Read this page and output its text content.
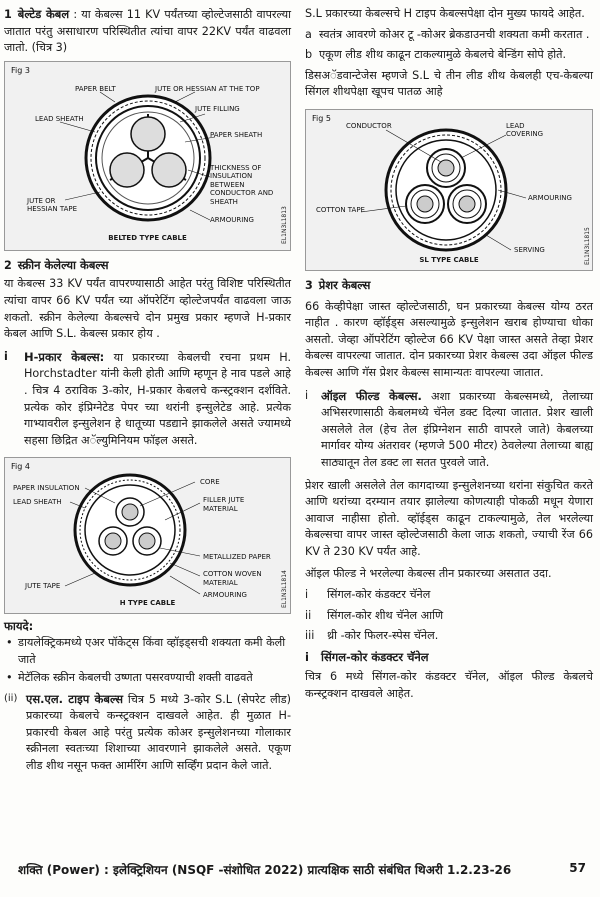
1 बेल्टेड केबल : या केबल्स 11 KV पर्यंतच्या व्होल्टेजसाठी वापरल्या जातात परंतु असाधारण परिस्थितीत त्यांचा वापर 22KV पर्यंत वाढवला जातो. (चित्र 3)

Fig 3
PAPER BELT	JUTE OR HESSIAN AT THE TOP
JUTE FILLING
LEAD SHEATH
PAPER SHEATH
THICKNESS OF INSULATION BETWEEN CONDUCTOR AND SHEATH
JUTE OR HESSIAN TAPE
ARMOURING
BELTED TYPE CABLE	EL1N3L1813

2 स्क्रीन केलेल्या केबल्स

या केबल्स 33 KV पर्यंत वापरण्यासाठी आहेत परंतु विशिष्ट परिस्थितीत त्यांचा वापर 66 KV पर्यंत च्या ऑपरेटिंग व्होल्टेजपर्यंत वाढवला जाऊ शकतो. स्क्रीन केलेल्या केबल्सचे दोन प्रमुख प्रकार म्हणजे H-प्रकार केबल आणि S.L. केबल्स प्रकार होय .

i	H-प्रकार केबल्स: या प्रकारच्या केबलची रचना प्रथम H. Horchstadter यांनी केली होती आणि म्हणून हे नाव पडले आहे . चित्र 4 ठराविक 3-कोर, H-प्रकार केबलचे कन्स्ट्रक्शन दर्शविते. प्रत्येक कोर इंप्रिग्नेटेड पेपर च्या थरांनी इन्सुलेटेड आहे. प्रत्येक गाभ्यावरील इन्सुलेशन हे धातूच्या पडद्याने झाकलेले असते ज्यामध्ये सहसा छिद्रित अॅल्युमिनियम फॉइल असते.

Fig 4
CORE
PAPER INSULATION
LEAD SHEATH	FILLER JUTE MATERIAL
METALLIZED PAPER
COTTON WOVEN MATERIAL
JUTE TAPE
ARMOURING
H TYPE CABLE	EL1N3L1814

फायदे:

• डायलेक्ट्रिकमध्ये एअर पॉकेट्स किंवा व्हॉइड्सची शक्यता कमी केली जाते
• मेटॅलिक स्क्रीन केबलची उष्णता पसरवण्याची शक्ती वाढवते

(ii) एस.एल. टाइप केबल्स चित्र 5 मध्ये 3-कोर S.L (सेपरेट लीड) प्रकारच्या केबलचे कन्स्ट्रक्शन दाखवले आहेत. ही मुळात H-प्रकारची केबल आहे परंतु प्रत्येक कोअर इन्सुलेशनच्या गोलाकार स्क्रीनला स्वतःच्या शिशाच्या आवरणाने झाकलेले असते. एकूण लीड शीथ नसून फक्त आर्मरिंग आणि सर्व्हिंग प्रदान केले जाते.

S.L प्रकारच्या केबल्सचे H टाइप केबल्सपेक्षा दोन मुख्य फायदे आहेत.

a स्वतंत्र आवरणे कोअर टू -कोअर ब्रेकडाउनची शक्यता कमी करतात .

b एकूण लीड शीथ काढून टाकल्यामुळे केबलचे बेन्डिंग सोपे होते.

डिसअॅडवान्टेजेस म्हणजे S.L चे तीन लीड शीथ केबलही एच-केबल्या सिंगल शीथपेक्षा खूपच पातळ आहे

Fig 5
CONDUCTOR	LEAD COVERING
ARMOURING
COTTON TAPE
SERVING
SL TYPE CABLE	EL1N3L1815

3 प्रेशर केबल्स

66 केव्हीपेक्षा जास्त व्होल्टेजसाठी, घन प्रकारच्या केबल्स योग्य ठरत नाहीत . कारण व्हॉईड्स असल्यामुळे इन्सुलेशन खराब होण्याचा धोका असतो. जेव्हा ऑपरेटिंग व्होल्टेज 66 KV पेक्षा जास्त असते तेव्हा प्रेशर केबल्स वापरल्या जातात. दोन प्रकारच्या प्रेशर केबल्स उदा ऑइल फील्ड केबल्स आणि गॅस प्रेशर केबल्स सामान्यतः वापरल्या जातात.

i	ऑइल फील्ड केबल्स. अशा प्रकारच्या केबल्समध्ये, तेलाच्या अभिसरणासाठी केबलमध्ये चॅनेल डक्ट दिल्या जातात. प्रेशर खाली असलेले तेल (हेच तेल इंप्रिग्नेशन साठी वापरले जाते) केबलच्या मार्गावर योग्य अंतरावर (म्हणजे 500 मीटर) ठेवलेल्या तेलाच्या बाह्य साठ्यातून तेल डक्ट ला सतत पुरवले जाते.

प्रेशर खाली असलेले तेल कागदाच्या इन्सुलेशनच्या थरांना संकुचित करते आणि थरांच्या दरम्यान तयार झालेल्या कोणत्याही पोकळी मधून येणारा आवाज नाहीसा होतो. व्हॉईड्स काढून टाकल्यामुळे, तेल भरलेल्या केबल्सचा वापर जास्त व्होल्टेजसाठी केला जाऊ शकतो, ज्याची रेंज 66 KV ते 230 KV पर्यंत आहे.

ऑइल फील्ड ने भरलेल्या केबल्स तीन प्रकारच्या असतात उदा.

i	सिंगल-कोर कंडक्टर चॅनेल

ii	सिंगल-कोर शीथ चॅनेल आणि

iii	थ्री -कोर फिलर-स्पेस चॅनेल.

i	सिंगल-कोर कंडक्टर चॅनेल

चित्र 6 मध्ये सिंगल-कोर कंडक्टर चॅनेल, ऑइल फील्ड केबलचे कन्स्ट्रक्शन दाखवले आहेत.

शक्ति (Power) : इलेक्ट्रिशियन (NSQF -संशोधित 2022) प्रात्यक्षिक साठी संबंधित थिअरी 1.2.23-26	57
